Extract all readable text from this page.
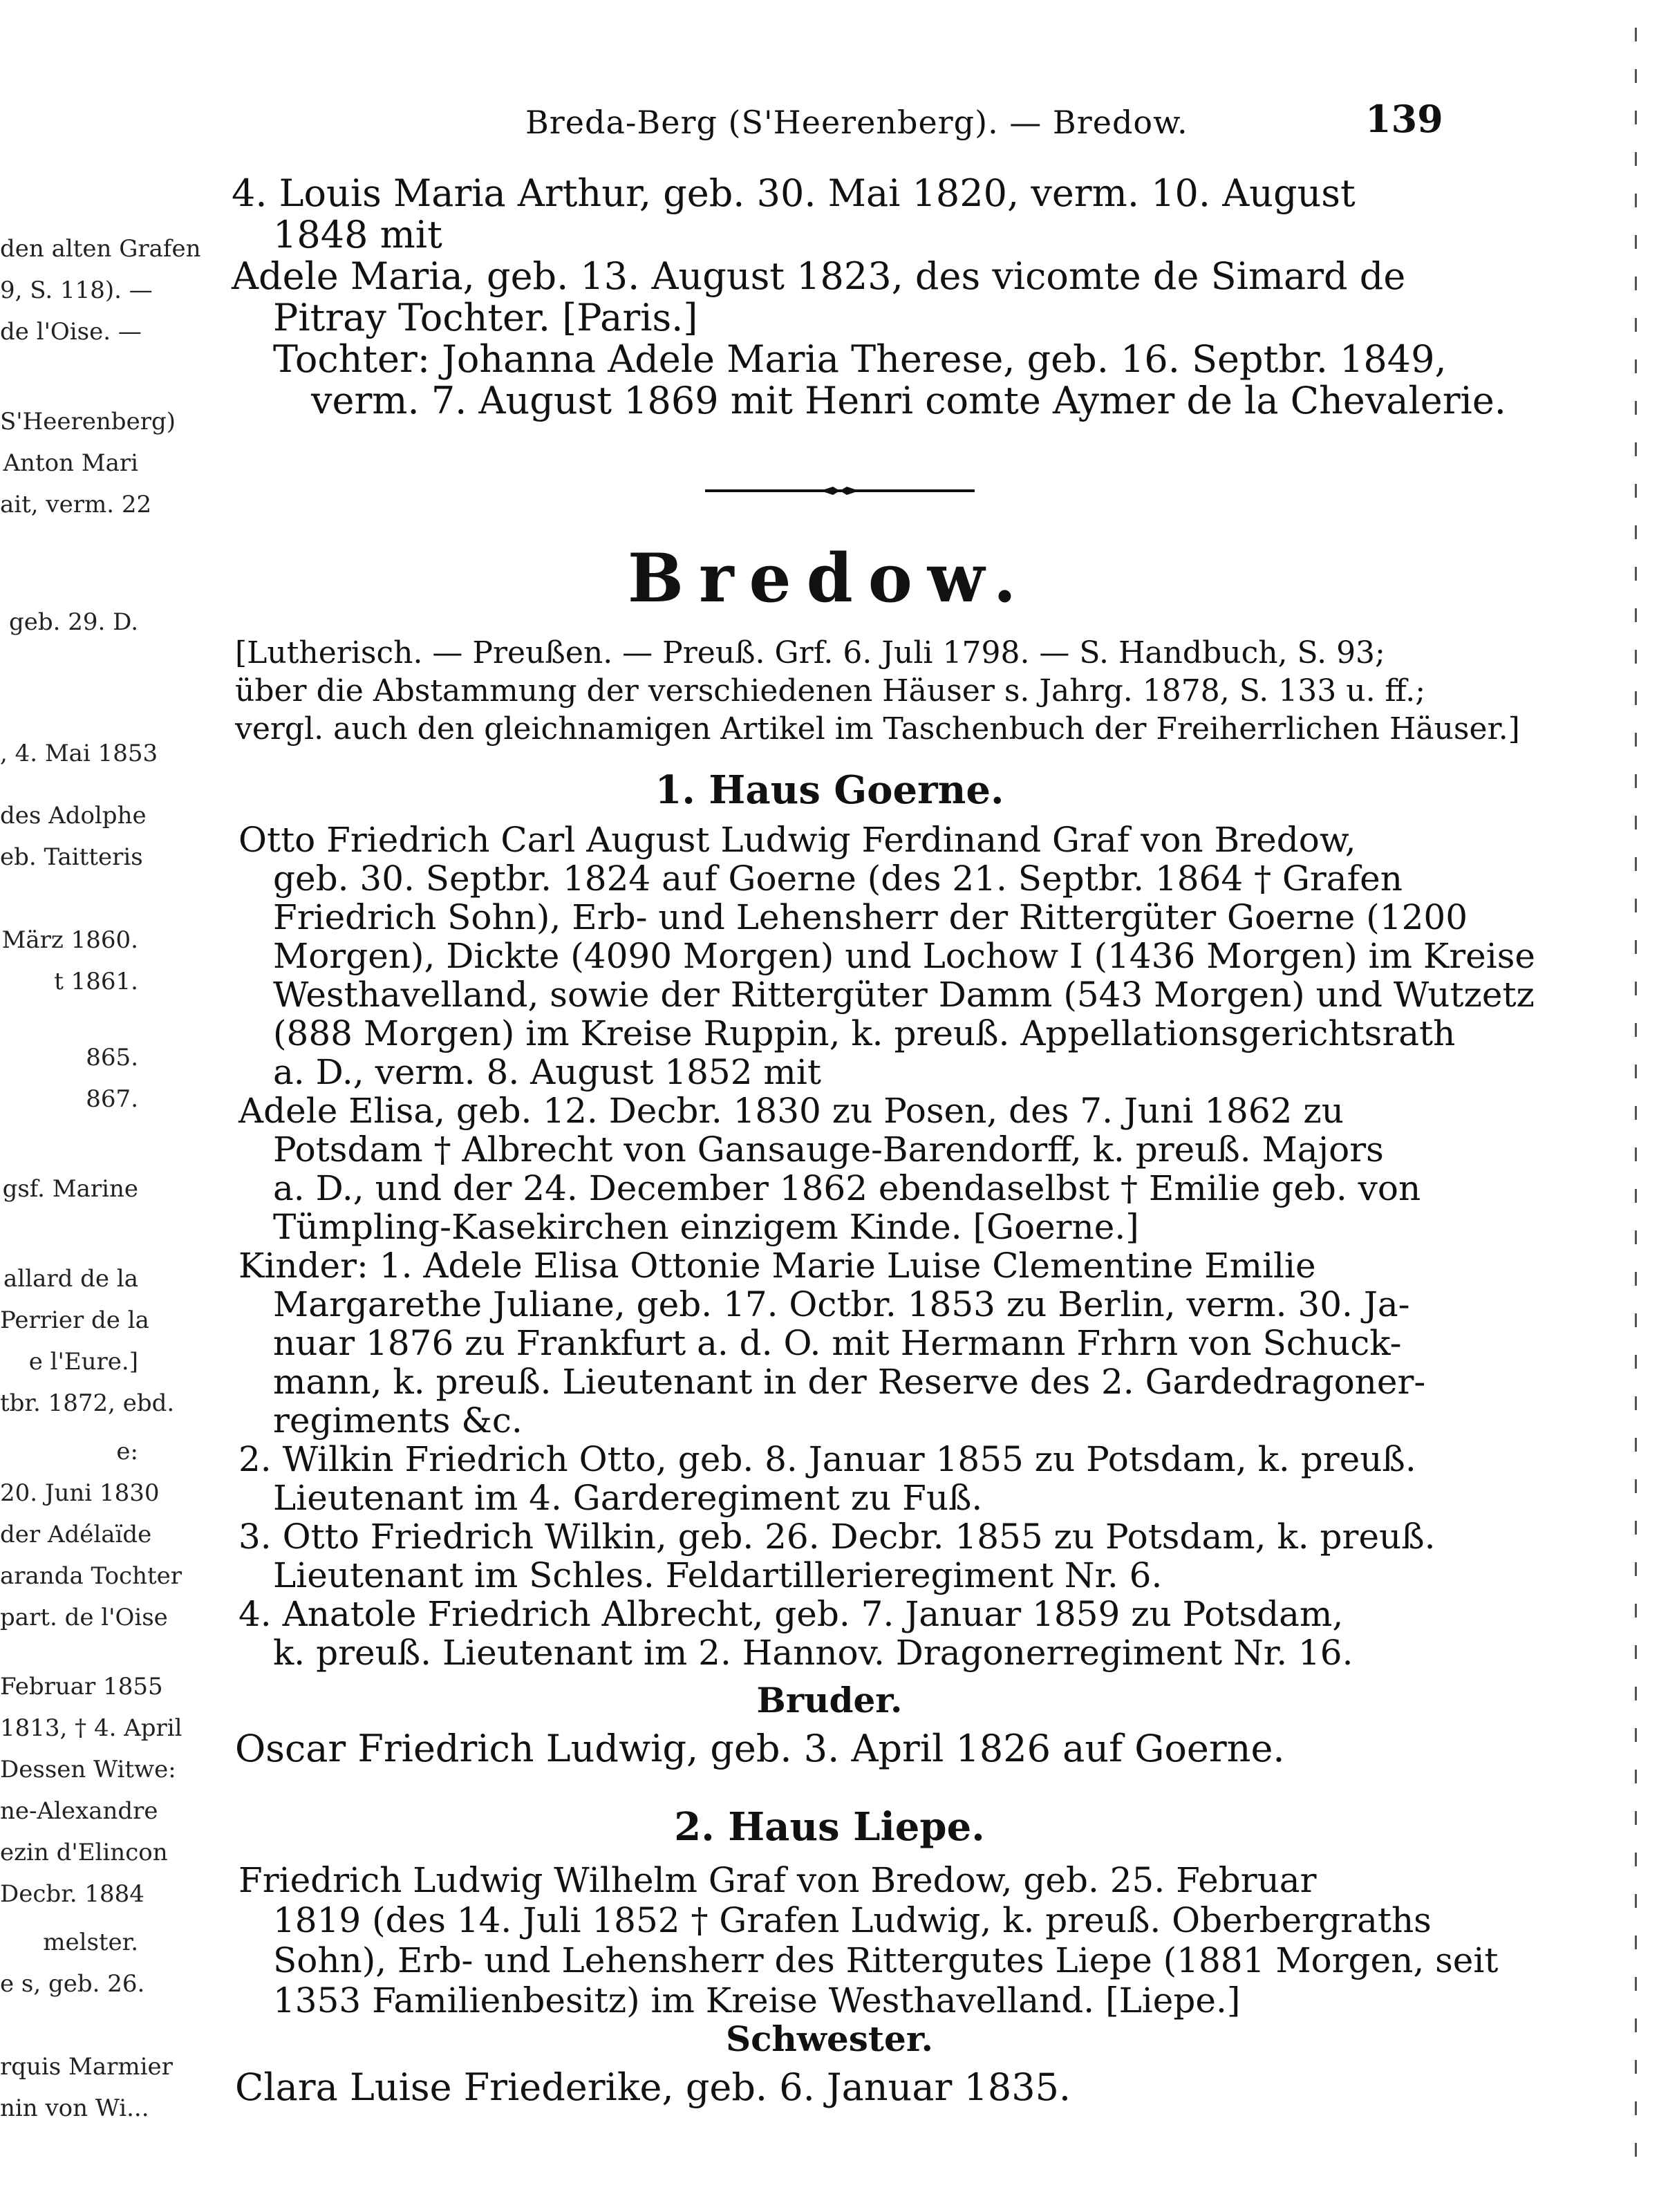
den alten Grafen
9, S. 118). —
de l'Oise. —
S'Heerenberg)
Anton Mari
ait, verm. 22
geb. 29. D.
, 4. Mai 1853
des Adolphe
eb. Taitteris
März 1860.
t 1861.
865.
867.
gsf. Marine
allard de la
Perrier de la
e l'Eure.]
tbr. 1872, ebd.
e:
20. Juni 1830
der Adélaïde
aranda Tochter
part. de l'Oise
Februar 1855
1813, † 4. April
Dessen Witwe:
ne-Alexandre
ezin d'Elincon
Decbr. 1884
melster.
e s, geb. 26.
rquis Marmier
nin von Wi...
Breda-Berg (S'Heerenberg). — Bredow.	139
4. Louis Maria Arthur, geb. 30. Mai 1820, verm. 10. August
1848 mit
Adele Maria, geb. 13. August 1823, des vicomte de Simard de
Pitray Tochter. [Paris.]
Tochter: Johanna Adele Maria Therese, geb. 16. Septbr. 1849,
verm. 7. August 1869 mit Henri comte Aymer de la Chevalerie.
Bredow.
[Lutherisch. — Preußen. — Preuß. Grf. 6. Juli 1798. — S. Handbuch, S. 93;
über die Abstammung der verschiedenen Häuser s. Jahrg. 1878, S. 133 u. ff.;
vergl. auch den gleichnamigen Artikel im Taschenbuch der Freiherrlichen Häuser.]
1. Haus Goerne.
Otto Friedrich Carl August Ludwig Ferdinand Graf von Bredow,
geb. 30. Septbr. 1824 auf Goerne (des 21. Septbr. 1864 † Grafen
Friedrich Sohn), Erb- und Lehensherr der Rittergüter Goerne (1200
Morgen), Dickte (4090 Morgen) und Lochow I (1436 Morgen) im Kreise
Westhavelland, sowie der Rittergüter Damm (543 Morgen) und Wutzetz
(888 Morgen) im Kreise Ruppin, k. preuß. Appellationsgerichtsrath
a. D., verm. 8. August 1852 mit
Adele Elisa, geb. 12. Decbr. 1830 zu Posen, des 7. Juni 1862 zu
Potsdam † Albrecht von Gansauge-Barendorff, k. preuß. Majors
a. D., und der 24. December 1862 ebendaselbst † Emilie geb. von
Tümpling-Kasekirchen einzigem Kinde. [Goerne.]
Kinder: 1. Adele Elisa Ottonie Marie Luise Clementine Emilie
Margarethe Juliane, geb. 17. Octbr. 1853 zu Berlin, verm. 30. Ja-
nuar 1876 zu Frankfurt a. d. O. mit Hermann Frhrn von Schuck-
mann, k. preuß. Lieutenant in der Reserve des 2. Gardedragoner-
regiments &c.
2. Wilkin Friedrich Otto, geb. 8. Januar 1855 zu Potsdam, k. preuß.
Lieutenant im 4. Garderegiment zu Fuß.
3. Otto Friedrich Wilkin, geb. 26. Decbr. 1855 zu Potsdam, k. preuß.
Lieutenant im Schles. Feldartillerieregiment Nr. 6.
4. Anatole Friedrich Albrecht, geb. 7. Januar 1859 zu Potsdam,
k. preuß. Lieutenant im 2. Hannov. Dragonerregiment Nr. 16.
Bruder.
Oscar Friedrich Ludwig, geb. 3. April 1826 auf Goerne.
2. Haus Liepe.
Friedrich Ludwig Wilhelm Graf von Bredow, geb. 25. Februar
1819 (des 14. Juli 1852 † Grafen Ludwig, k. preuß. Oberbergraths
Sohn), Erb- und Lehensherr des Rittergutes Liepe (1881 Morgen, seit
1353 Familienbesitz) im Kreise Westhavelland. [Liepe.]
Schwester.
Clara Luise Friederike, geb. 6. Januar 1835.
